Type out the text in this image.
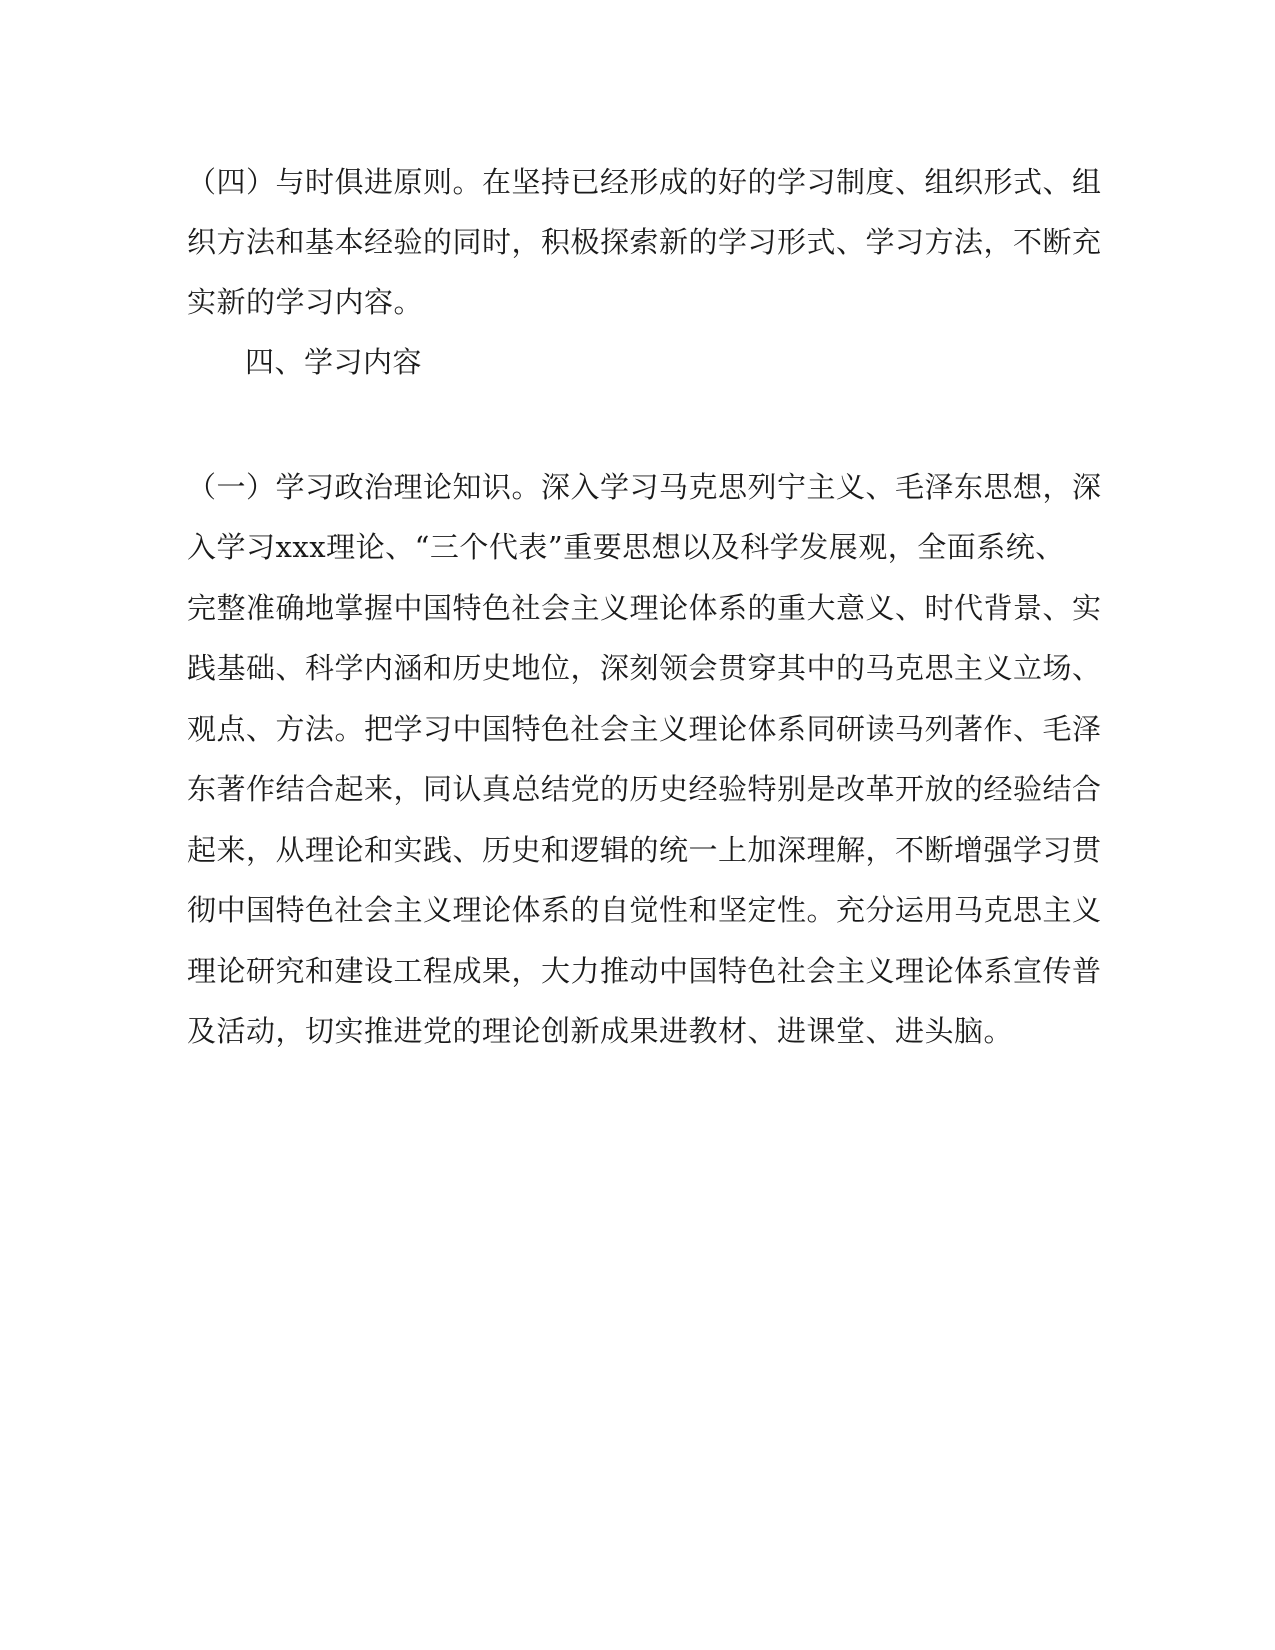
（四）与时俱进原则。在坚持已经形成的好的学习制度、组织形式、组
织方法和基本经验的同时，积极探索新的学习形式、学习方法，不断充
实新的学习内容。
四、学习内容
（一）学习政治理论知识。深入学习马克思列宁主义、毛泽东思想，深
入学习xxx理论、“三个代表”重要思想以及科学发展观，全面系统、
完整准确地掌握中国特色社会主义理论体系的重大意义、时代背景、实
践基础、科学内涵和历史地位，深刻领会贯穿其中的马克思主义立场、
观点、方法。把学习中国特色社会主义理论体系同研读马列著作、毛泽
东著作结合起来，同认真总结党的历史经验特别是改革开放的经验结合
起来，从理论和实践、历史和逻辑的统一上加深理解，不断增强学习贯
彻中国特色社会主义理论体系的自觉性和坚定性。充分运用马克思主义
理论研究和建设工程成果，大力推动中国特色社会主义理论体系宣传普
及活动，切实推进党的理论创新成果进教材、进课堂、进头脑。
